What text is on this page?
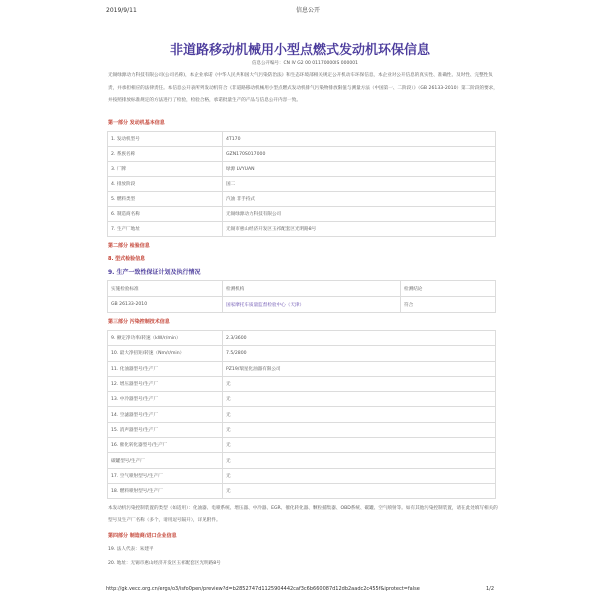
2019/9/11	信息公开
非道路移动机械用小型点燃式发动机环保信息
信息公开编号：CN IV G2 00 01170000IS 000001
无锡绿源动力科技有限公司(公司名称)，本企业承诺《中华人民共和国大气污染防治法》和生态环境部相关规定公开机动车环保信息，本企业对公开信息的真实性、准确性、及时性、完整性负责，并承担相应的法律责任。本信息公开表所列发动机符合《非道路移动机械用小型点燃式发动机排气污染物排放限值与测量方法（中国第一、二阶段）》（GB 26133-2010）第二阶段的要求，并按照排放标准规定的方法进行了检验，检验合格，承诺批量生产的产品与信息公开内容一致。
第一部分 发动机基本信息
1. 发动机型号	4T170
2. 系族名称	GZN170S017000
3. 厂牌	绿源 LVYUAN
4. 排放阶段	国二
5. 燃料类型	汽油 非手持式
6. 制造商名称	无锡绿源动力科技有限公司
7. 生产厂地址	无锡市惠山经济开发区玉祁配套区光明路8号
第二部分 检验信息
8. 型式检验信息
9. 生产一致性保证计划及执行情况
实施检验标准	检测机构	检测结论
GB 26133-2010	国家摩托车质量监督检验中心（天津）	符合
第三部分 污染控制技术信息
9. 额定净功率/转速（kW/r/min）	2.3/3600
10. 最大净扭矩/转速（Nm/r/min）	7.5/2800
11. 化油器型号/生产厂	PZ19/瑞星化油器有限公司
12. 增压器型号/生产厂	无
13. 中冷器型号/生产厂	无
14. 空滤器型号/生产厂	无
15. 消声器型号/生产厂	无
16. 催化转化器型号/生产厂	无
碳罐型号/生产厂	无
17. 空气喷射型号/生产厂	无
18. 燃料喷射型号/生产厂	无
本发动机污染控制装置的类型（如适用）：化油器、电喷系统、增压器、中冷器、EGR、催化转化器、颗粒捕集器、OBD系统、碳罐、空气喷射等。如有其他污染控制装置，请在此处填写相关的型号及生产厂名称（多个，请用逗号隔开），详见附件。
第四部分 制造商/进口企业信息
19. 法人代表：朱建平
20. 地址：无锡市惠山经济开发区玉祁配套区光明路8号
http://gk.vecc.org.cn/ergs/o3/isfo0pen/preview?d=b2852747d1125904442caf3c6b660087d12db2aadc2c455f&iprotect=false	1/2
